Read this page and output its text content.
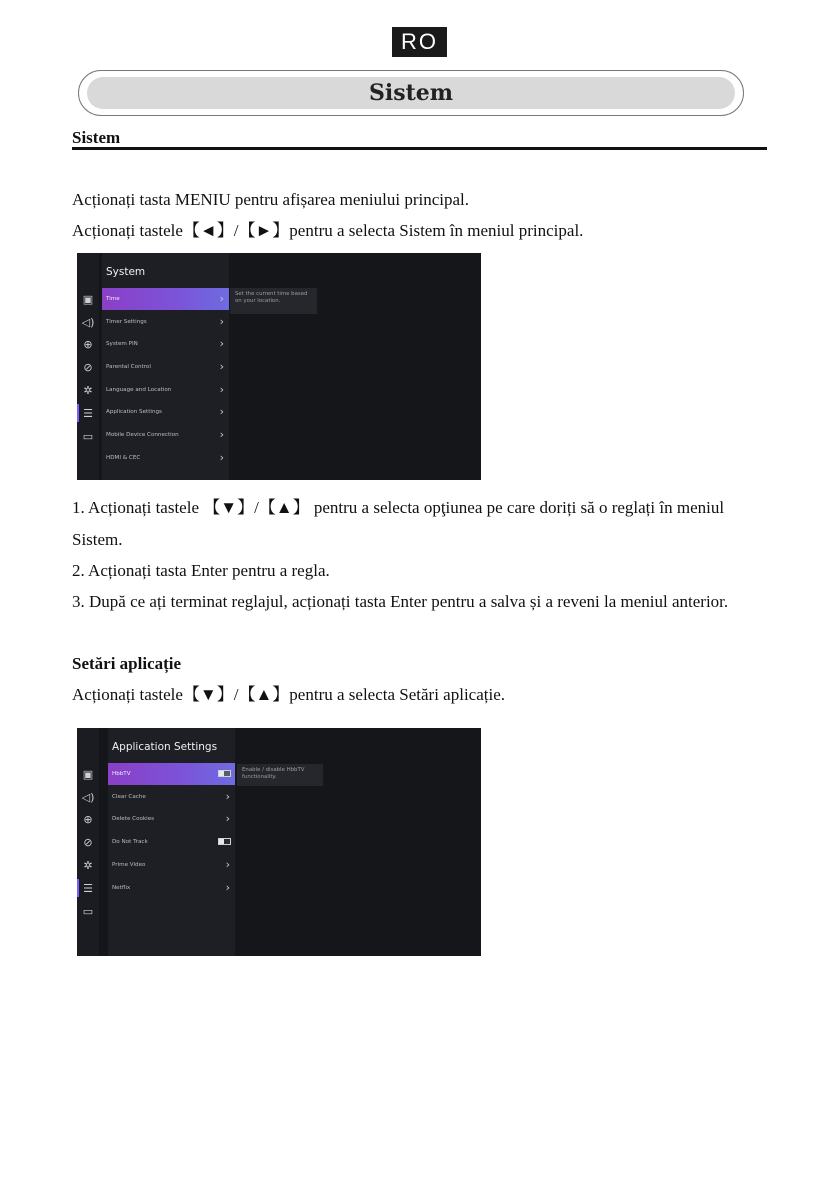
RO
Sistem
Sistem
Acționați tasta MENIU pentru afișarea meniului principal.
Acționați tastele【◄】/【►】pentru a selecta Sistem în meniul principal.
▣
◁)
⊕
⊘
✲
☰
▭
System
Time	›
Timer Settings	›
System PIN	›
Parental Control	›
Language and Location	›
Application Settings	›
Mobile Device Connection	›
HDMI & CEC	›
Set the current time based on your location.
1. Acționați tastele 【▼】/【▲】 pentru a selecta opţiunea pe care doriți să o reglați în meniul
Sistem.
2. Acționați tasta Enter pentru a regla.
3. După ce ați terminat reglajul, acționați tasta Enter pentru a salva și a reveni la meniul anterior.
Setări aplicație
Acționați tastele【▼】/【▲】pentru a selecta Setări aplicație.
▣
◁)
⊕
⊘
✲
☰
▭
Application Settings
HbbTV
Clear Cache	›
Delete Cookies	›
Do Not Track
Prime Video	›
Netflix	›
Enable / disable HbbTV functionality.
